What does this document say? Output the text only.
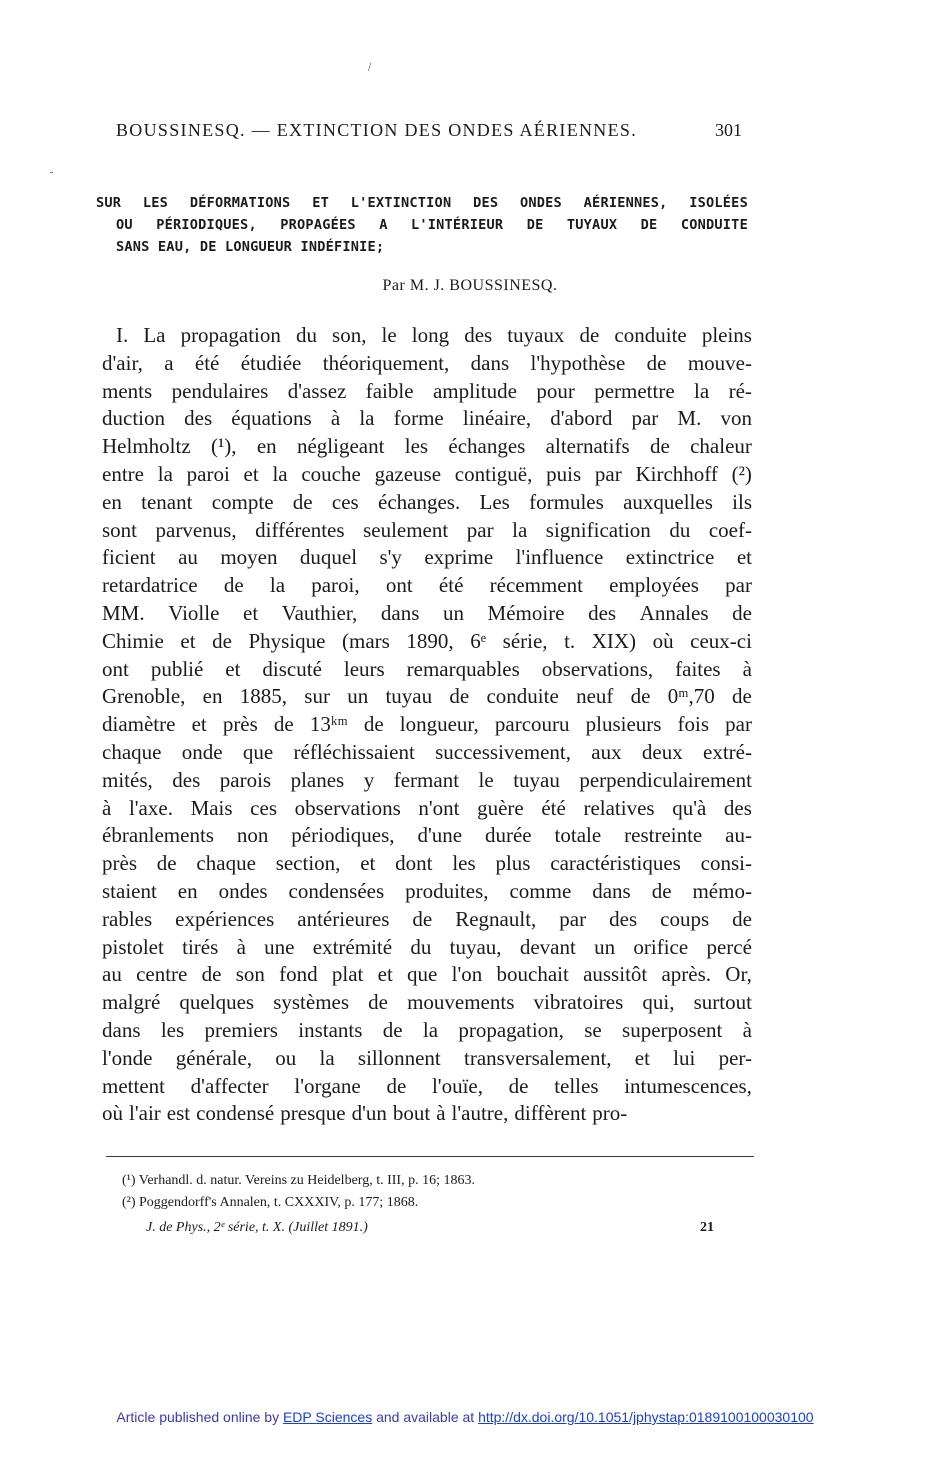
/
BOUSSINESQ. — EXTINCTION DES ONDES AÉRIENNES.	301
SUR LES DÉFORMATIONS ET L'EXTINCTION DES ONDES AÉRIENNES, ISOLÉES
OU PÉRIODIQUES, PROPAGÉES A L'INTÉRIEUR DE TUYAUX DE CONDUITE
SANS EAU, DE LONGUEUR INDÉFINIE;
Par M. J. BOUSSINESQ.
I. La propagation du son, le long des tuyaux de conduite pleins
d'air, a été étudiée théoriquement, dans l'hypothèse de mouve-
ments pendulaires d'assez faible amplitude pour permettre la ré-
duction des équations à la forme linéaire, d'abord par M. von
Helmholtz (¹), en négligeant les échanges alternatifs de chaleur
entre la paroi et la couche gazeuse contiguë, puis par Kirchhoff (²)
en tenant compte de ces échanges. Les formules auxquelles ils
sont parvenus, différentes seulement par la signification du coef-
ficient au moyen duquel s'y exprime l'influence extinctrice et
retardatrice de la paroi, ont été récemment employées par
MM. Violle et Vauthier, dans un Mémoire des Annales de
Chimie et de Physique (mars 1890, 6ᵉ série, t. XIX) où ceux-ci
ont publié et discuté leurs remarquables observations, faites à
Grenoble, en 1885, sur un tuyau de conduite neuf de 0ᵐ,70 de
diamètre et près de 13ᵏᵐ de longueur, parcouru plusieurs fois par
chaque onde que réfléchissaient successivement, aux deux extré-
mités, des parois planes y fermant le tuyau perpendiculairement
à l'axe. Mais ces observations n'ont guère été relatives qu'à des
ébranlements non périodiques, d'une durée totale restreinte au-
près de chaque section, et dont les plus caractéristiques consi-
staient en ondes condensées produites, comme dans de mémo-
rables expériences antérieures de Regnault, par des coups de
pistolet tirés à une extrémité du tuyau, devant un orifice percé
au centre de son fond plat et que l'on bouchait aussitôt après. Or,
malgré quelques systèmes de mouvements vibratoires qui, surtout
dans les premiers instants de la propagation, se superposent à
l'onde générale, ou la sillonnent transversalement, et lui per-
mettent d'affecter l'organe de l'ouïe, de telles intumescences,
où l'air est condensé presque d'un bout à l'autre, diffèrent pro-
(¹) Verhandl. d. natur. Vereins zu Heidelberg, t. III, p. 16; 1863.
(²) Poggendorff's Annalen, t. CXXXIV, p. 177; 1868.
J. de Phys., 2ᵉ série, t. X. (Juillet 1891.)	21
Article published online by EDP Sciences and available at http://dx.doi.org/10.1051/jphystap:0189100100030100
